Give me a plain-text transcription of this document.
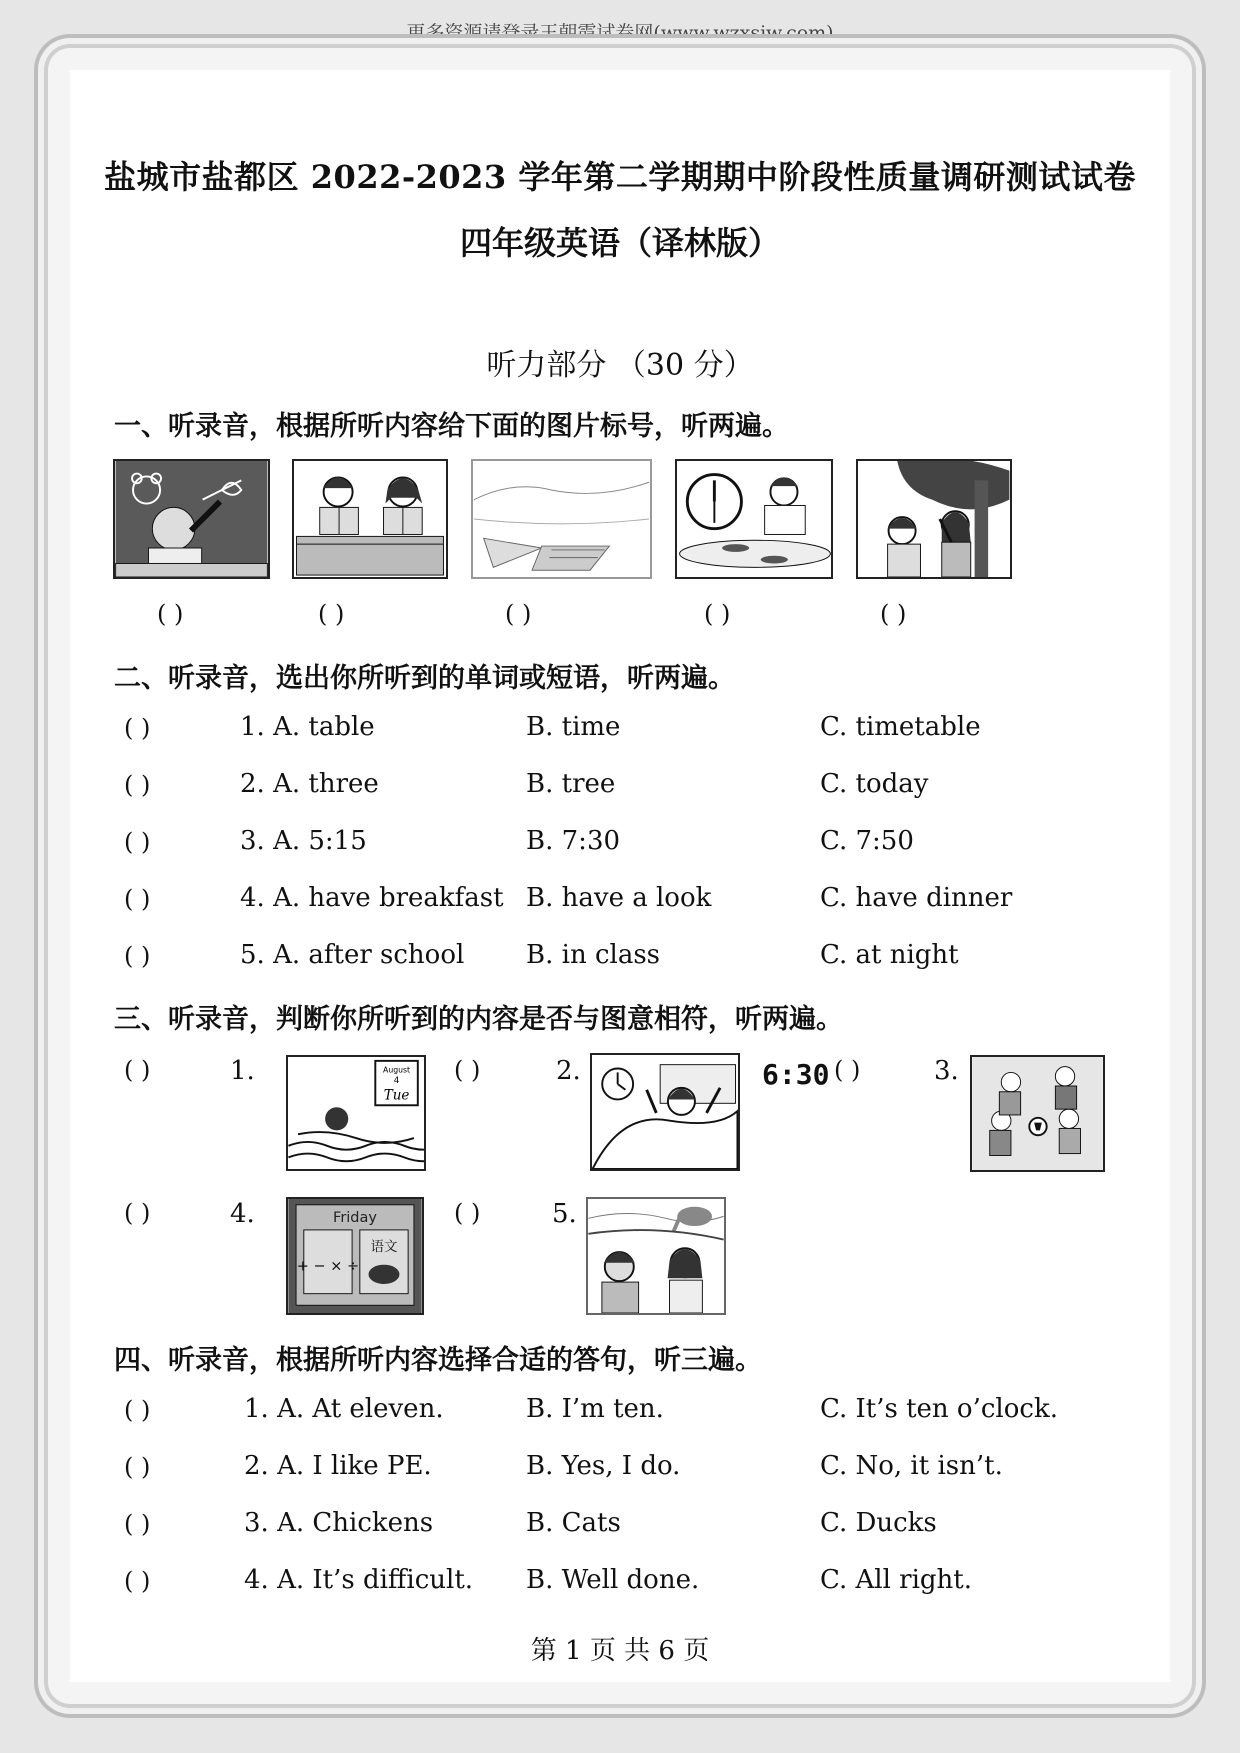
更多资源请登录王朝霞试卷网(www.wzxsjw.com)
盐城市盐都区 2022-2023 学年第二学期期中阶段性质量调研测试试卷
四年级英语（译林版）
听力部分 （30 分）
一、听录音，根据所听内容给下面的图片标号，听两遍。
( )	( )	( )	( )	( )
二、听录音，选出你所听到的单词或短语，听两遍。
( )	1. A. table	B. time	C. timetable
( )	2. A. three	B. tree	C. today
( )	3. A. 5:15	B. 7:30	C. 7:50
( )	4. A. have breakfast B. have a look	C. have dinner
( )	5. A. after school B. in class	C. at night
三、听录音，判断你所听到的内容是否与图意相符，听两遍。
( )	1.	August
4
Tue
( )	2.	6:30 ( )	3.
( )	4.	Friday
+ − × ÷
语文
( )	5.
四、听录音，根据所听内容选择合适的答句，听三遍。
( )	1. A. At eleven.	B. I’m ten.	C. It’s ten o’clock.
( )	2. A. I like PE.	B. Yes, I do.	C. No, it isn’t.
( )	3. A. Chickens	B. Cats	C. Ducks
( )	4. A. It’s difficult. B. Well done.	C. All right.
第 1 页 共 6 页
